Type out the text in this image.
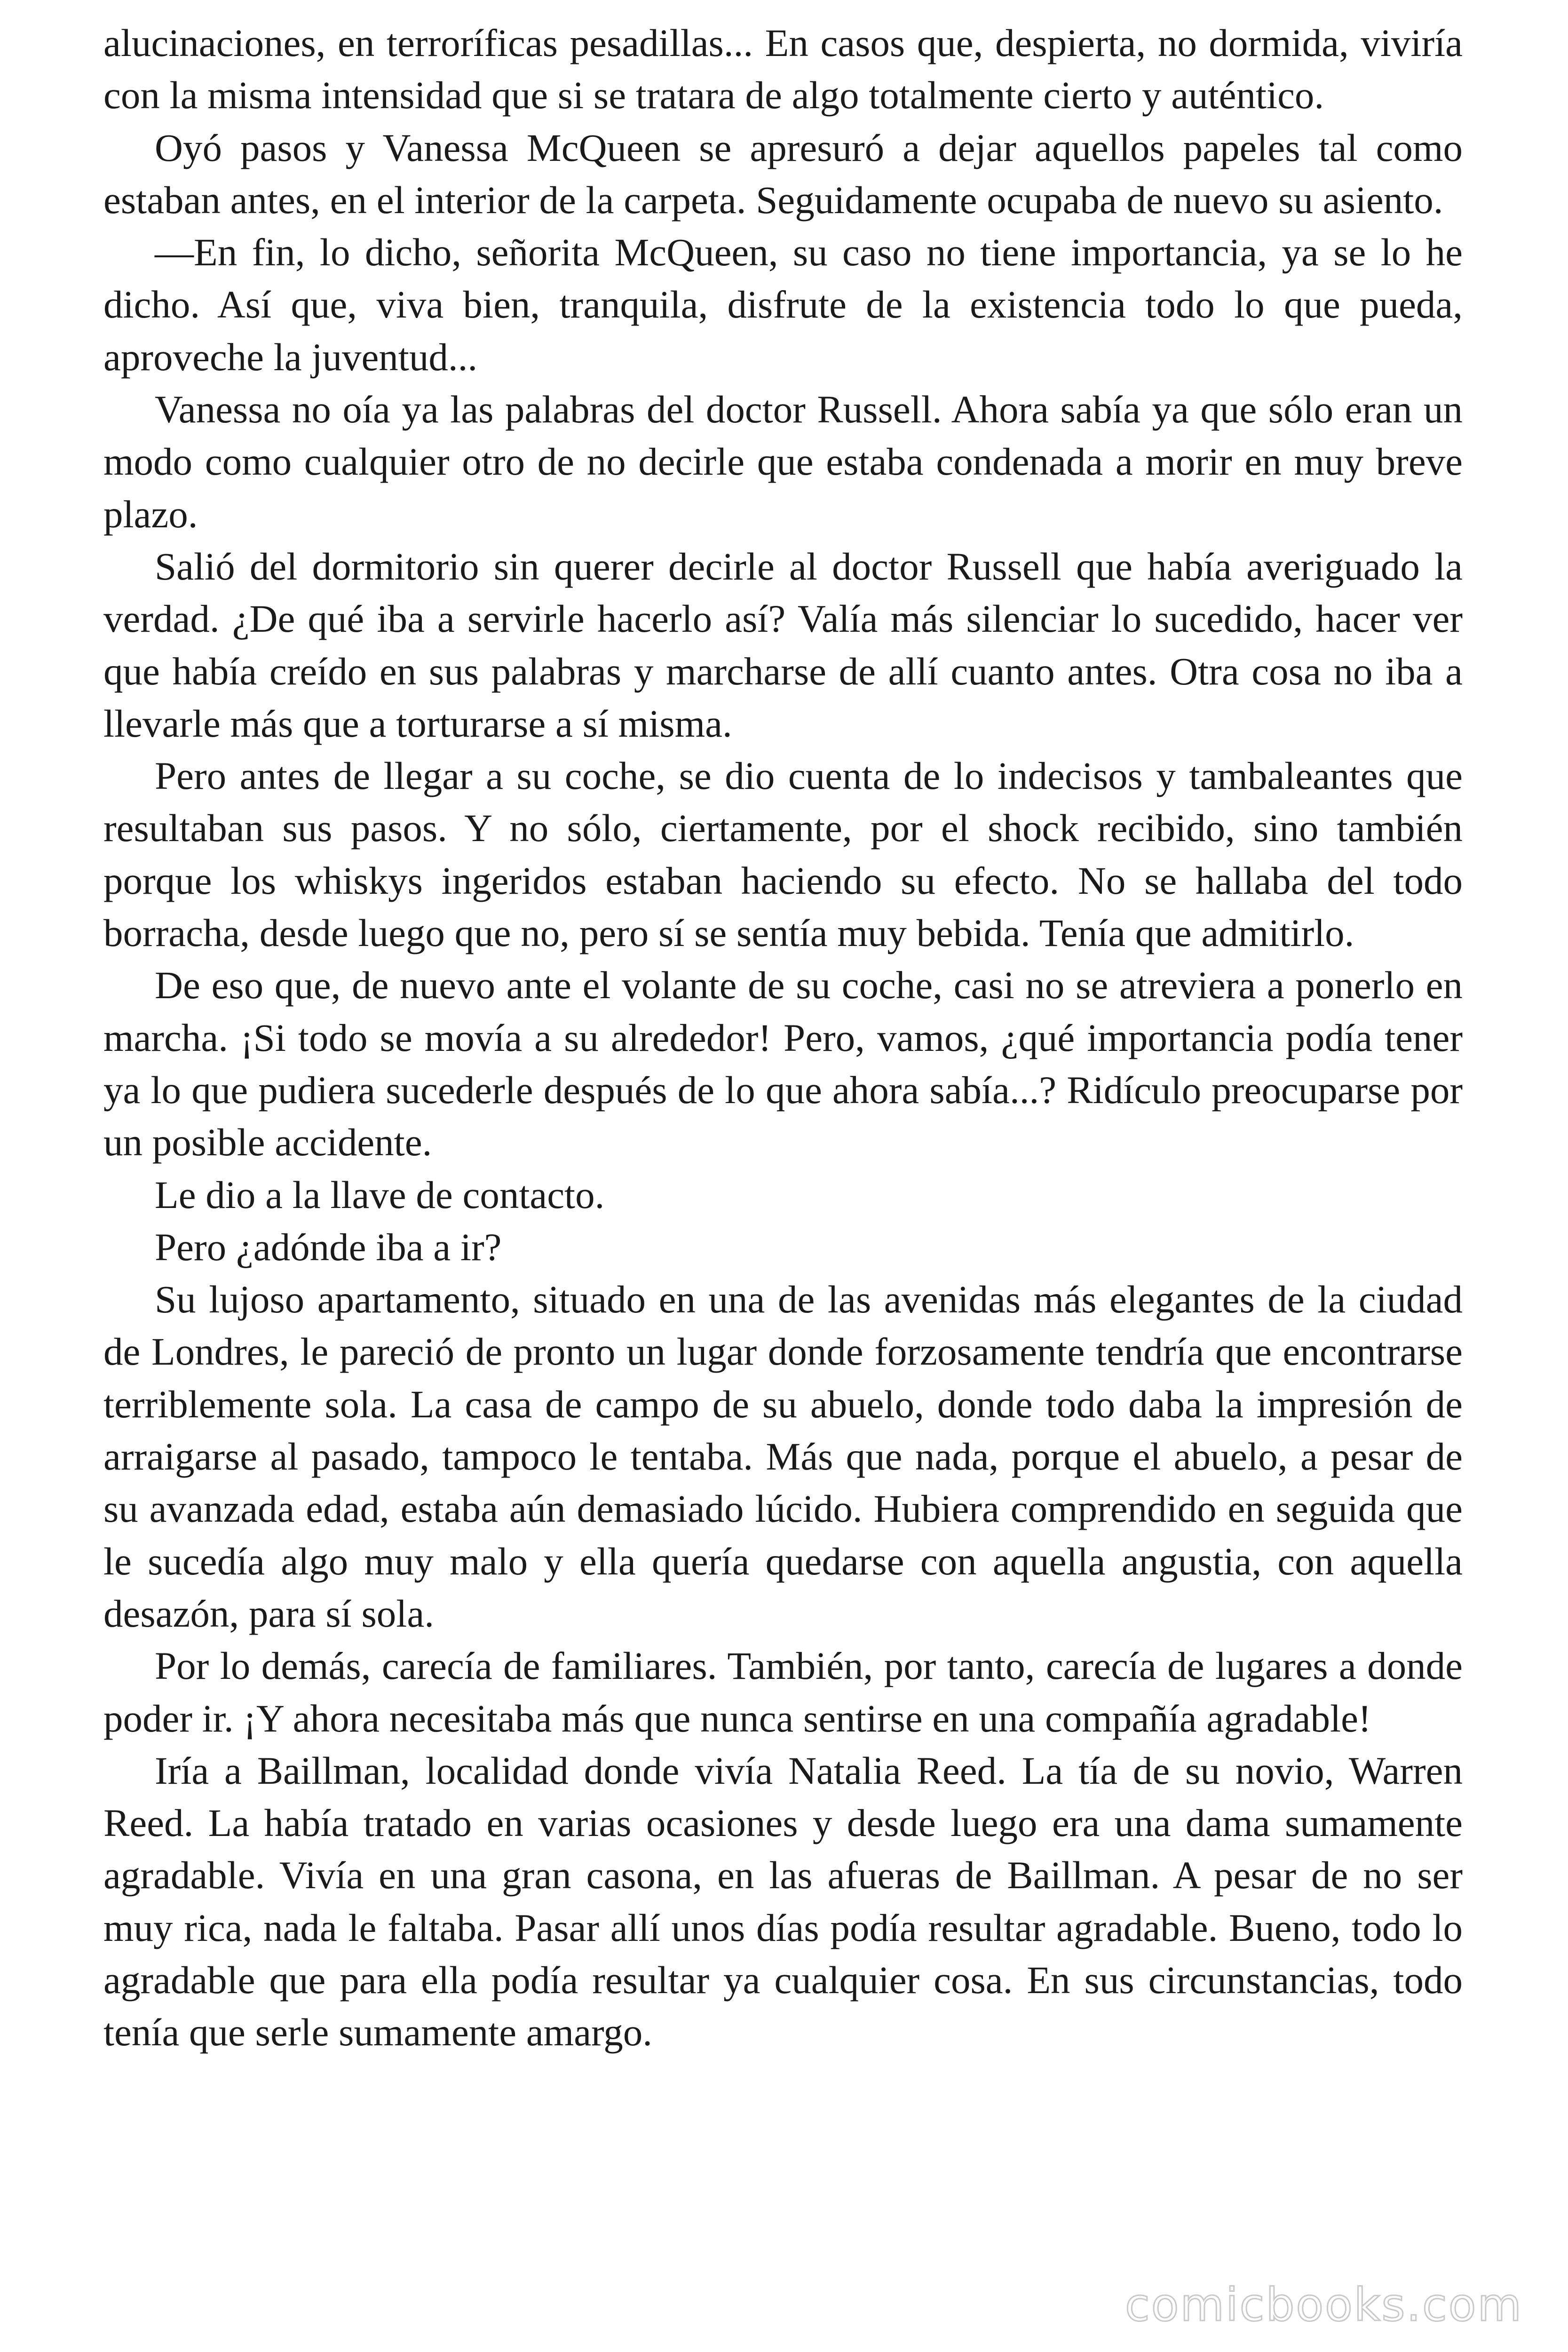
alucinaciones, en terroríficas pesadillas... En casos que, despierta, no dormida, viviría con la misma intensidad que si se tratara de algo totalmente cierto y auténtico.

Oyó pasos y Vanessa McQueen se apresuró a dejar aquellos papeles tal como estaban antes, en el interior de la carpeta. Seguidamente ocupaba de nuevo su asiento.

—En fin, lo dicho, señorita McQueen, su caso no tiene importancia, ya se lo he dicho. Así que, viva bien, tranquila, disfrute de la existencia todo lo que pueda, aproveche la juventud...

Vanessa no oía ya las palabras del doctor Russell. Ahora sabía ya que sólo eran un modo como cualquier otro de no decirle que estaba condenada a morir en muy breve plazo.

Salió del dormitorio sin querer decirle al doctor Russell que había averiguado la verdad. ¿De qué iba a servirle hacerlo así? Valía más silenciar lo sucedido, hacer ver que había creído en sus palabras y marcharse de allí cuanto antes. Otra cosa no iba a llevarle más que a torturarse a sí misma.

Pero antes de llegar a su coche, se dio cuenta de lo indecisos y tambaleantes que resultaban sus pasos. Y no sólo, ciertamente, por el shock recibido, sino también porque los whiskys ingeridos estaban haciendo su efecto. No se hallaba del todo borracha, desde luego que no, pero sí se sentía muy bebida. Tenía que admitirlo.

De eso que, de nuevo ante el volante de su coche, casi no se atreviera a ponerlo en marcha. ¡Si todo se movía a su alrededor! Pero, vamos, ¿qué importancia podía tener ya lo que pudiera sucederle después de lo que ahora sabía...? Ridículo preocuparse por un posible accidente.

Le dio a la llave de contacto.

Pero ¿adónde iba a ir?

Su lujoso apartamento, situado en una de las avenidas más elegantes de la ciudad de Londres, le pareció de pronto un lugar donde forzosamente tendría que encontrarse terriblemente sola. La casa de campo de su abuelo, donde todo daba la impresión de arraigarse al pasado, tampoco le tentaba. Más que nada, porque el abuelo, a pesar de su avanzada edad, estaba aún demasiado lúcido. Hubiera comprendido en seguida que le sucedía algo muy malo y ella quería quedarse con aquella angustia, con aquella desazón, para sí sola.

Por lo demás, carecía de familiares. También, por tanto, carecía de lugares a donde poder ir. ¡Y ahora necesitaba más que nunca sentirse en una compañía agradable!

Iría a Baillman, localidad donde vivía Natalia Reed. La tía de su novio, Warren Reed. La había tratado en varias ocasiones y desde luego era una dama sumamente agradable. Vivía en una gran casona, en las afueras de Baillman. A pesar de no ser muy rica, nada le faltaba. Pasar allí unos días podía resultar agradable. Bueno, todo lo agradable que para ella podía resultar ya cualquier cosa. En sus circunstancias, todo tenía que serle sumamente amargo.

comicbooks.com
